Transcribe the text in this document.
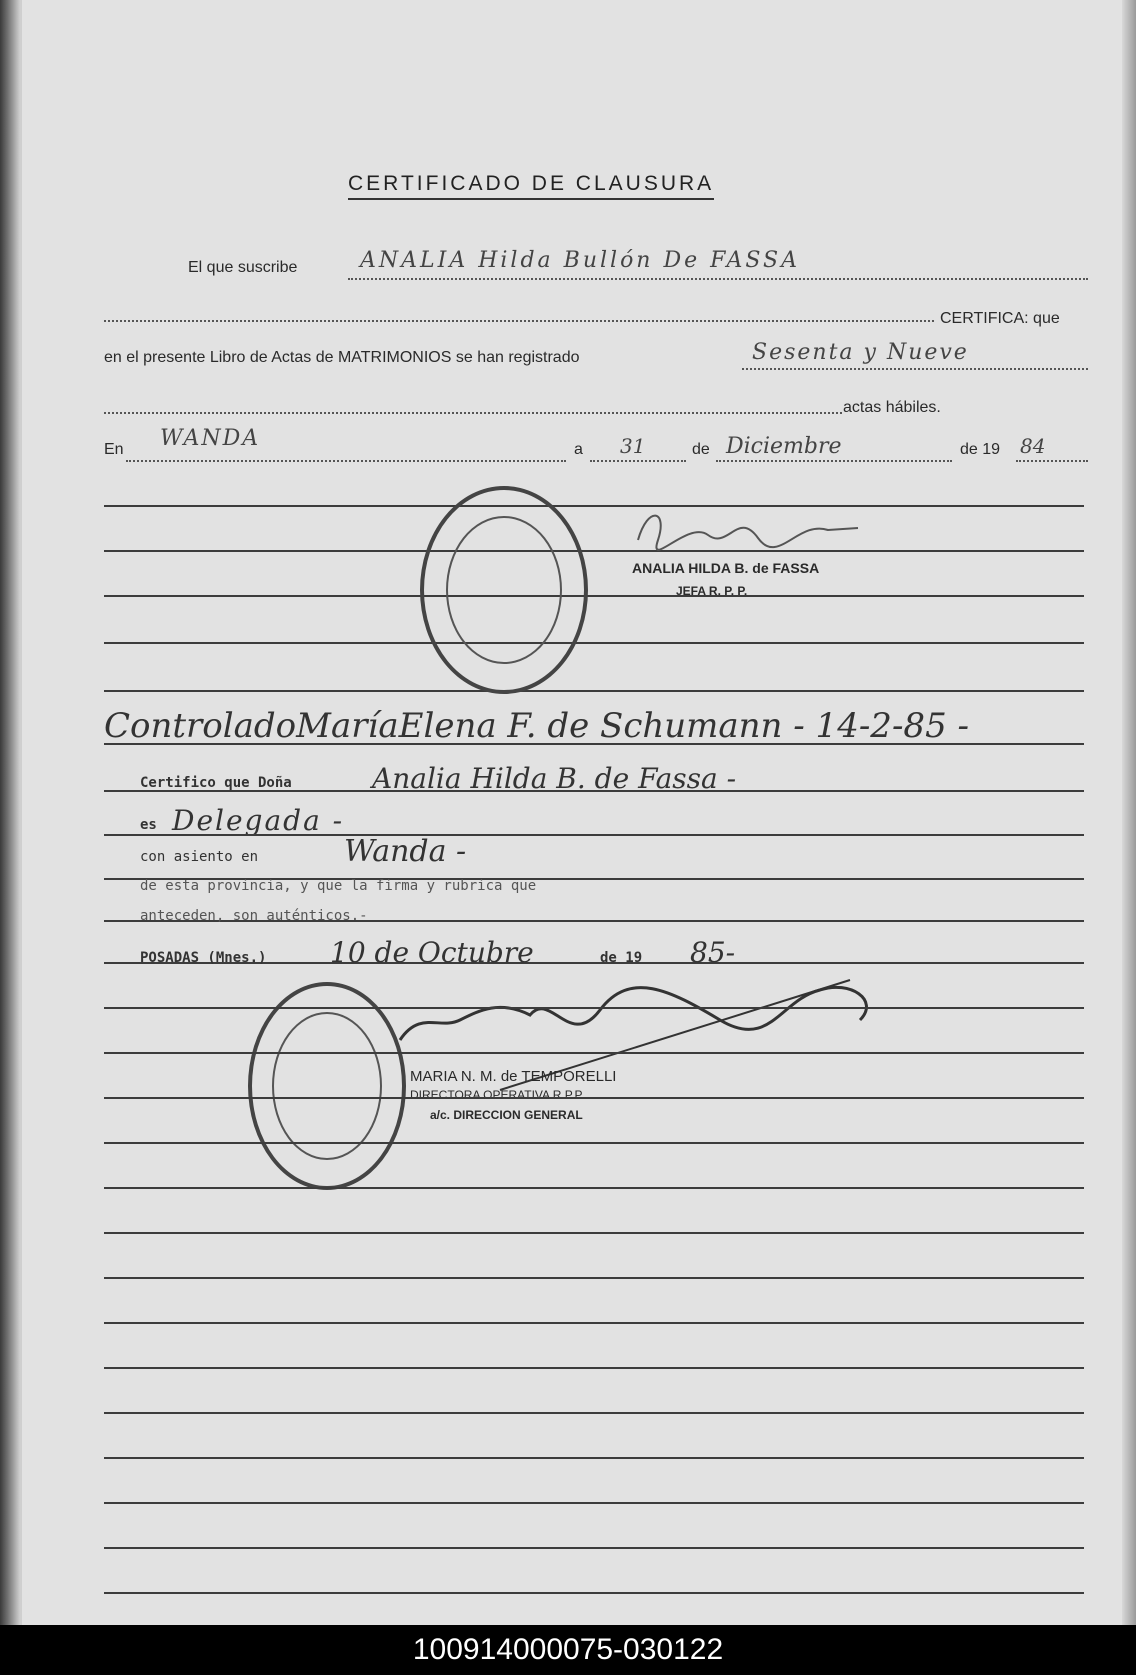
CERTIFICADO DE CLAUSURA
El que suscribe	ANALIA Hilda Bullón De FASSA
CERTIFICA: que
en el presente Libro de Actas de MATRIMONIOS se han registrado	Sesenta y Nueve
actas hábiles.
En WANDA	a 31	de Diciembre	de 19 84
ANALIA HILDA B. de FASSA
JEFA R. P. P.
ControladoMaríaElena F. de Schumann - 14-2-85 -
Certifico que Doña	Analia Hilda B. de Fassa -
es Delegada -
con asiento en	Wanda -
de esta provincia, y que la firma y rubrica que
anteceden, son auténticos.-
POSADAS (Mnes.) 10 de Octubre	de 19 85-
MARIA N. M. de TEMPORELLI
DIRECTORA OPERATIVA R.P.P.
a/c. DIRECCION GENERAL
100914000075-030122
